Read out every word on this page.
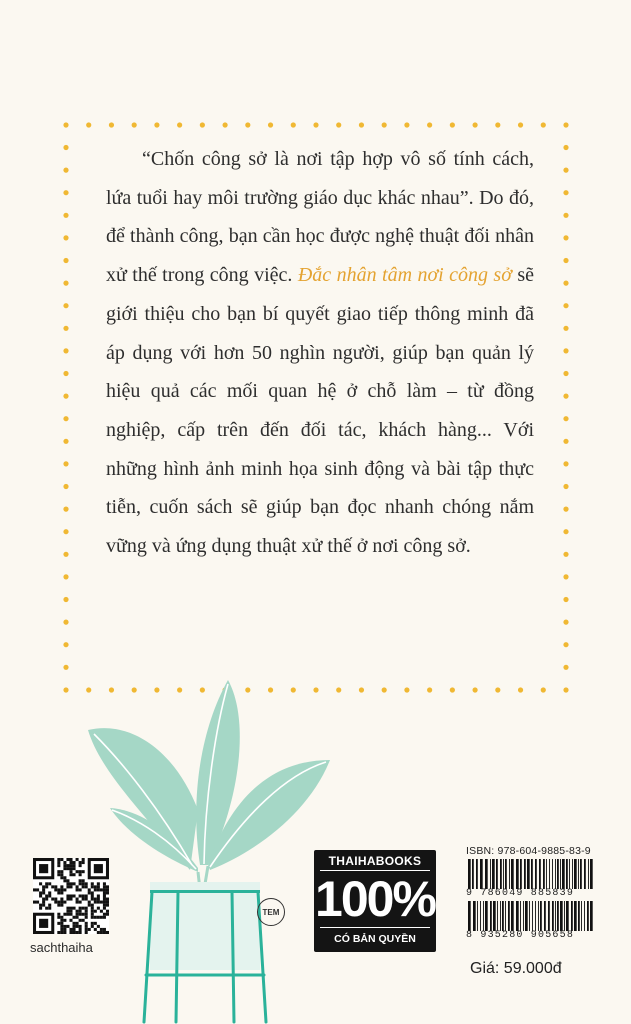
“Chốn công sở là nơi tập hợp vô số tính cách, lứa tuổi hay môi trường giáo dục khác nhau”. Do đó, để thành công, bạn cần học được nghệ thuật đối nhân xử thế trong công việc. Đắc nhân tâm nơi công sở sẽ giới thiệu cho bạn bí quyết giao tiếp thông minh đã áp dụng với hơn 50 nghìn người, giúp bạn quản lý hiệu quả các mối quan hệ ở chỗ làm – từ đồng nghiệp, cấp trên đến đối tác, khách hàng... Với những hình ảnh minh họa sinh động và bài tập thực tiễn, cuốn sách sẽ giúp bạn đọc nhanh chóng nắm vững và ứng dụng thuật xử thế ở nơi công sở.

sachthaiha
TEM
THAIHABOOKS
100%
CÓ BẢN QUYỀN
ISBN: 978-604-9885-83-9
9 786049 885839
8 935280 905658
Giá: 59.000đ
